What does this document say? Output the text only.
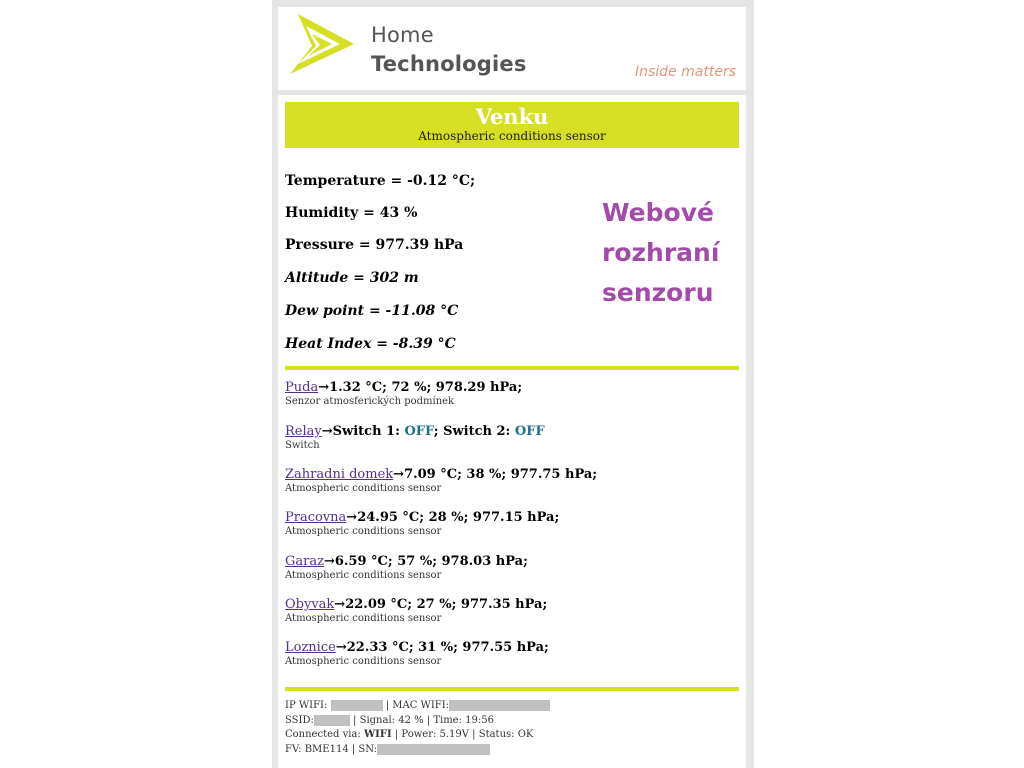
Home
Technologies	Inside matters
Venku
Atmospheric conditions sensor
Temperature = -0.12 °C;
Humidity = 43 %
Pressure = 977.39 hPa
Altitude = 302 m
Dew point = -11.08 °C
Heat Index = -8.39 °C
Webové
rozhraní
senzoru
Puda→1.32 °C; 72 %; 978.29 hPa;
Senzor atmosferických podmínek
Relay→Switch 1: OFF; Switch 2: OFF
Switch
Zahradni domek→7.09 °C; 38 %; 977.75 hPa;
Atmospheric conditions sensor
Pracovna→24.95 °C; 28 %; 977.15 hPa;
Atmospheric conditions sensor
Garaz→6.59 °C; 57 %; 978.03 hPa;
Atmospheric conditions sensor
Obyvak→22.09 °C; 27 %; 977.35 hPa;
Atmospheric conditions sensor
Loznice→22.33 °C; 31 %; 977.55 hPa;
Atmospheric conditions sensor
IP WIFI:	| MAC WIFI:
SSID:	| Signal: 42 % | Time: 19:56
Connected via: WIFI | Power: 5.19V | Status: OK
FV: BME114 | SN:
